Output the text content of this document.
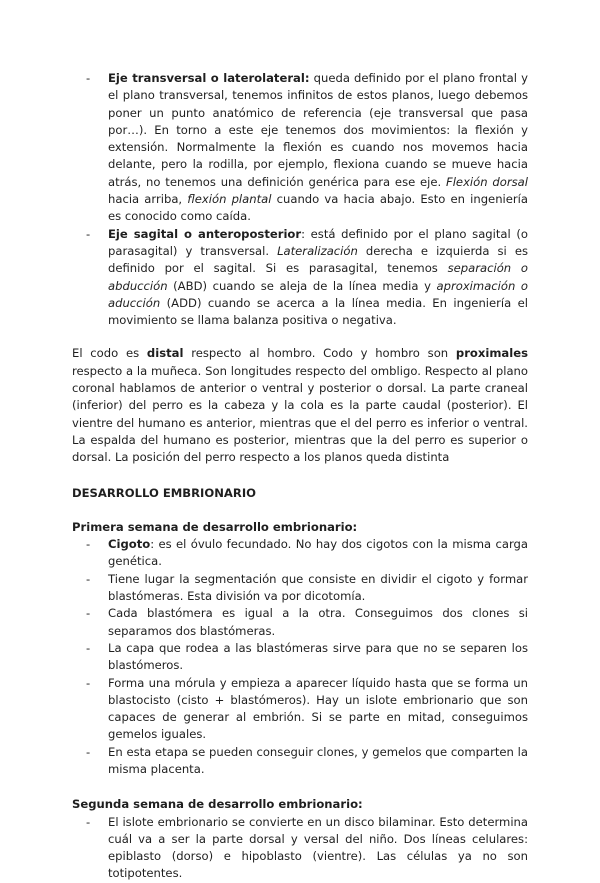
- Eje transversal o laterolateral: queda definido por el plano frontal y el plano transversal, tenemos infinitos de estos planos, luego debemos poner un punto anatómico de referencia (eje transversal que pasa por…). En torno a este eje tenemos dos movimientos: la flexión y extensión. Normalmente la flexión es cuando nos movemos hacia delante, pero la rodilla, por ejemplo, flexiona cuando se mueve hacia atrás, no tenemos una definición genérica para ese eje. Flexión dorsal hacia arriba, flexión plantal cuando va hacia abajo. Esto en ingeniería es conocido como caída.
- Eje sagital o anteroposterior: está definido por el plano sagital (o parasagital) y transversal. Lateralización derecha e izquierda si es definido por el sagital. Si es parasagital, tenemos separación o abducción (ABD) cuando se aleja de la línea media y aproximación o aducción (ADD) cuando se acerca a la línea media. En ingeniería el movimiento se llama balanza positiva o negativa.

El codo es distal respecto al hombro. Codo y hombro son proximales respecto a la muñeca. Son longitudes respecto del ombligo. Respecto al plano coronal hablamos de anterior o ventral y posterior o dorsal. La parte craneal (inferior) del perro es la cabeza y la cola es la parte caudal (posterior). El vientre del humano es anterior, mientras que el del perro es inferior o ventral. La espalda del humano es posterior, mientras que la del perro es superior o dorsal. La posición del perro respecto a los planos queda distinta

DESARROLLO EMBRIONARIO

Primera semana de desarrollo embrionario:

- Cigoto: es el óvulo fecundado. No hay dos cigotos con la misma carga genética.
- Tiene lugar la segmentación que consiste en dividir el cigoto y formar blastómeras. Esta división va por dicotomía.
- Cada blastómera es igual a la otra. Conseguimos dos clones si separamos dos blastómeras.
- La capa que rodea a las blastómeras sirve para que no se separen los blastómeros.
- Forma una mórula y empieza a aparecer líquido hasta que se forma un blastocisto (cisto + blastómeros). Hay un islote embrionario que son capaces de generar al embrión. Si se parte en mitad, conseguimos gemelos iguales.
- En esta etapa se pueden conseguir clones, y gemelos que comparten la misma placenta.

Segunda semana de desarrollo embrionario:

- El islote embrionario se convierte en un disco bilaminar. Esto determina cuál va a ser la parte dorsal y versal del niño. Dos líneas celulares: epiblasto (dorso) e hipoblasto (vientre). Las células ya no son totipotentes.
